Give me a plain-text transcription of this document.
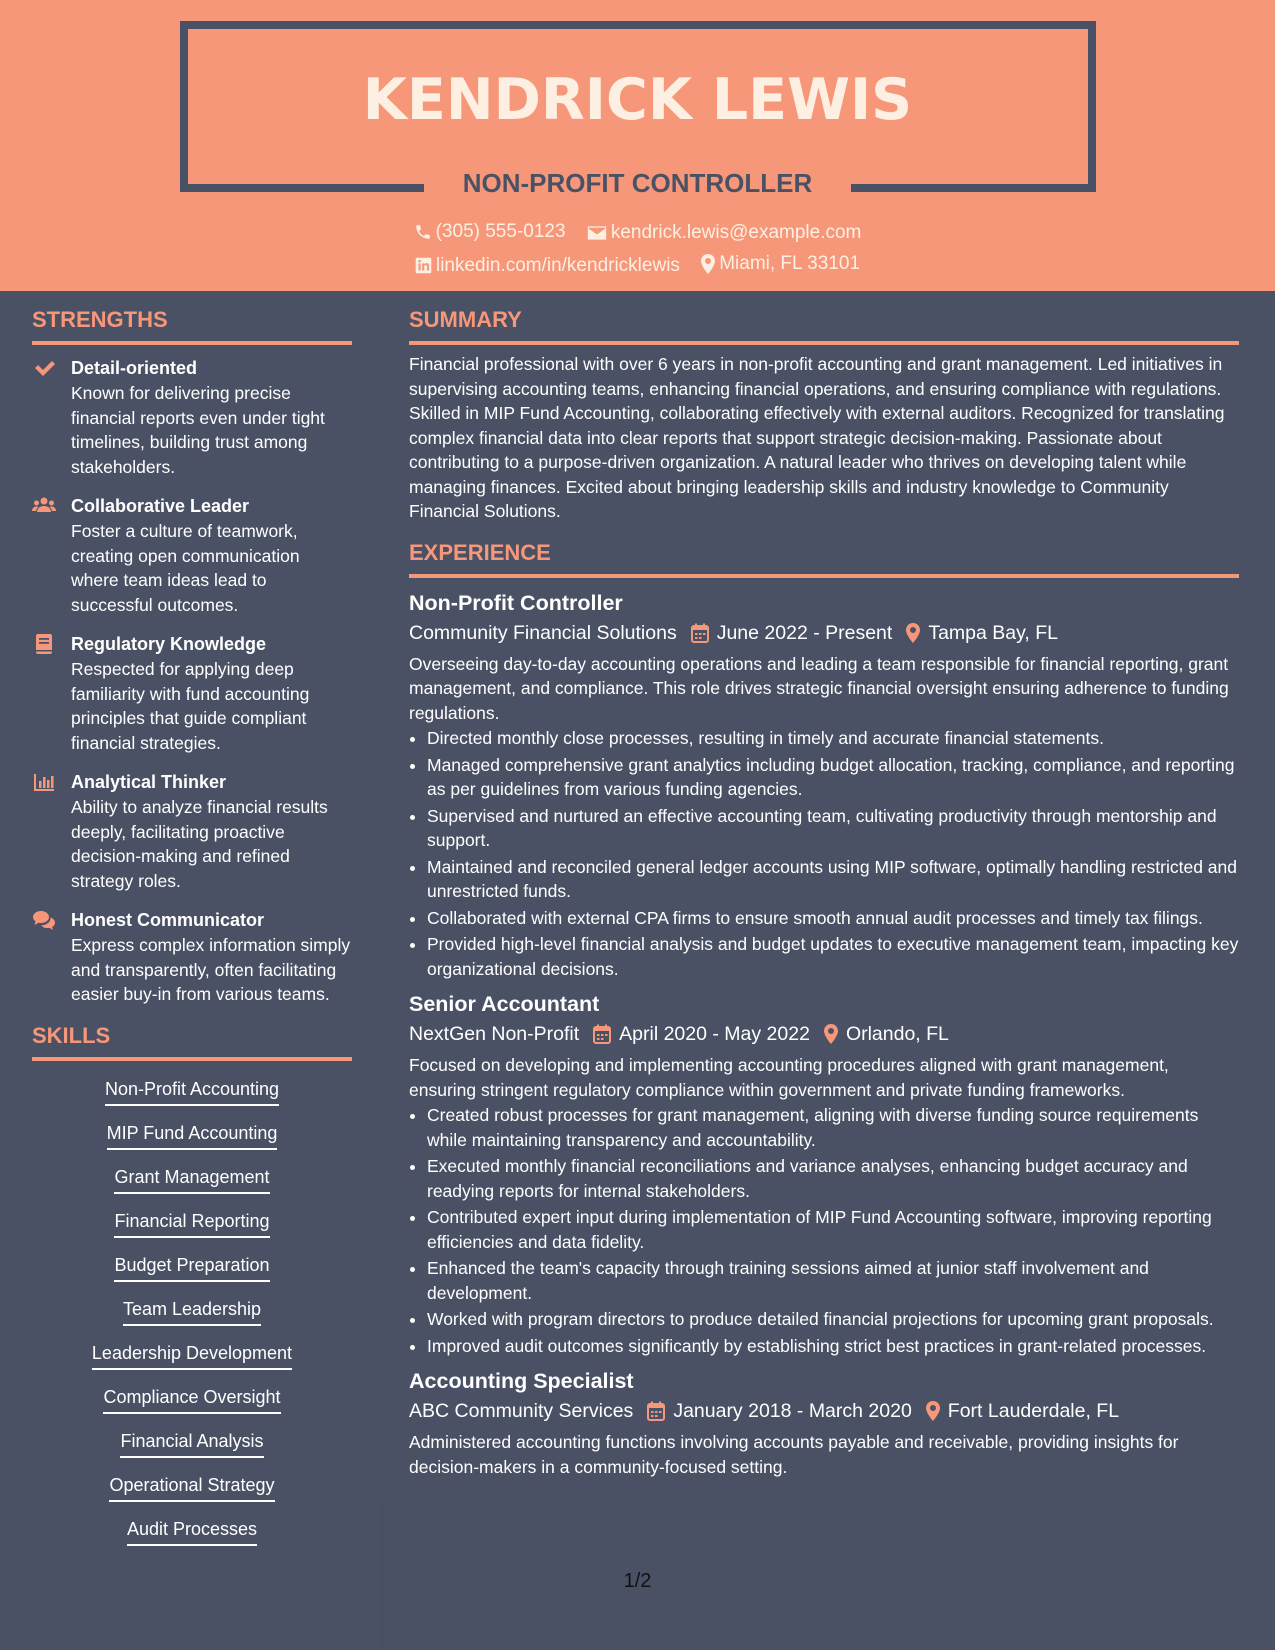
KENDRICK LEWIS
NON-PROFIT CONTROLLER
(305) 555-0123
kendrick.lewis@example.com
linkedin.com/in/kendricklewis
Miami, FL 33101
STRENGTHS
Detail-oriented
Known for delivering precise financial reports even under tight timelines, building trust among stakeholders.
Collaborative Leader
Foster a culture of teamwork, creating open communication where team ideas lead to successful outcomes.
Regulatory Knowledge
Respected for applying deep familiarity with fund accounting principles that guide compliant financial strategies.
Analytical Thinker
Ability to analyze financial results deeply, facilitating proactive decision-making and refined strategy roles.
Honest Communicator
Express complex information simply and transparently, often facilitating easier buy-in from various teams.
SKILLS
Non-Profit Accounting
MIP Fund Accounting
Grant Management
Financial Reporting
Budget Preparation
Team Leadership
Leadership Development
Compliance Oversight
Financial Analysis
Operational Strategy
Audit Processes
SUMMARY
Financial professional with over 6 years in non-profit accounting and grant management. Led initiatives in supervising accounting teams, enhancing financial operations, and ensuring compliance with regulations. Skilled in MIP Fund Accounting, collaborating effectively with external auditors. Recognized for translating complex financial data into clear reports that support strategic decision-making. Passionate about contributing to a purpose-driven organization. A natural leader who thrives on developing talent while managing finances. Excited about bringing leadership skills and industry knowledge to Community Financial Solutions.
EXPERIENCE
Non-Profit Controller
Community Financial Solutions June 2022 - Present Tampa Bay, FL
Overseeing day-to-day accounting operations and leading a team responsible for financial reporting, grant management, and compliance. This role drives strategic financial oversight ensuring adherence to funding regulations.
• Directed monthly close processes, resulting in timely and accurate financial statements.
• Managed comprehensive grant analytics including budget allocation, tracking, compliance, and reporting as per guidelines from various funding agencies.
• Supervised and nurtured an effective accounting team, cultivating productivity through mentorship and support.
• Maintained and reconciled general ledger accounts using MIP software, optimally handling restricted and unrestricted funds.
• Collaborated with external CPA firms to ensure smooth annual audit processes and timely tax filings.
• Provided high-level financial analysis and budget updates to executive management team, impacting key organizational decisions.
Senior Accountant
NextGen Non-Profit April 2020 - May 2022 Orlando, FL
Focused on developing and implementing accounting procedures aligned with grant management, ensuring stringent regulatory compliance within government and private funding frameworks.
• Created robust processes for grant management, aligning with diverse funding source requirements while maintaining transparency and accountability.
• Executed monthly financial reconciliations and variance analyses, enhancing budget accuracy and readying reports for internal stakeholders.
• Contributed expert input during implementation of MIP Fund Accounting software, improving reporting efficiencies and data fidelity.
• Enhanced the team's capacity through training sessions aimed at junior staff involvement and development.
• Worked with program directors to produce detailed financial projections for upcoming grant proposals.
• Improved audit outcomes significantly by establishing strict best practices in grant-related processes.
Accounting Specialist
ABC Community Services January 2018 - March 2020 Fort Lauderdale, FL
Administered accounting functions involving accounts payable and receivable, providing insights for decision-makers in a community-focused setting.
1/2
